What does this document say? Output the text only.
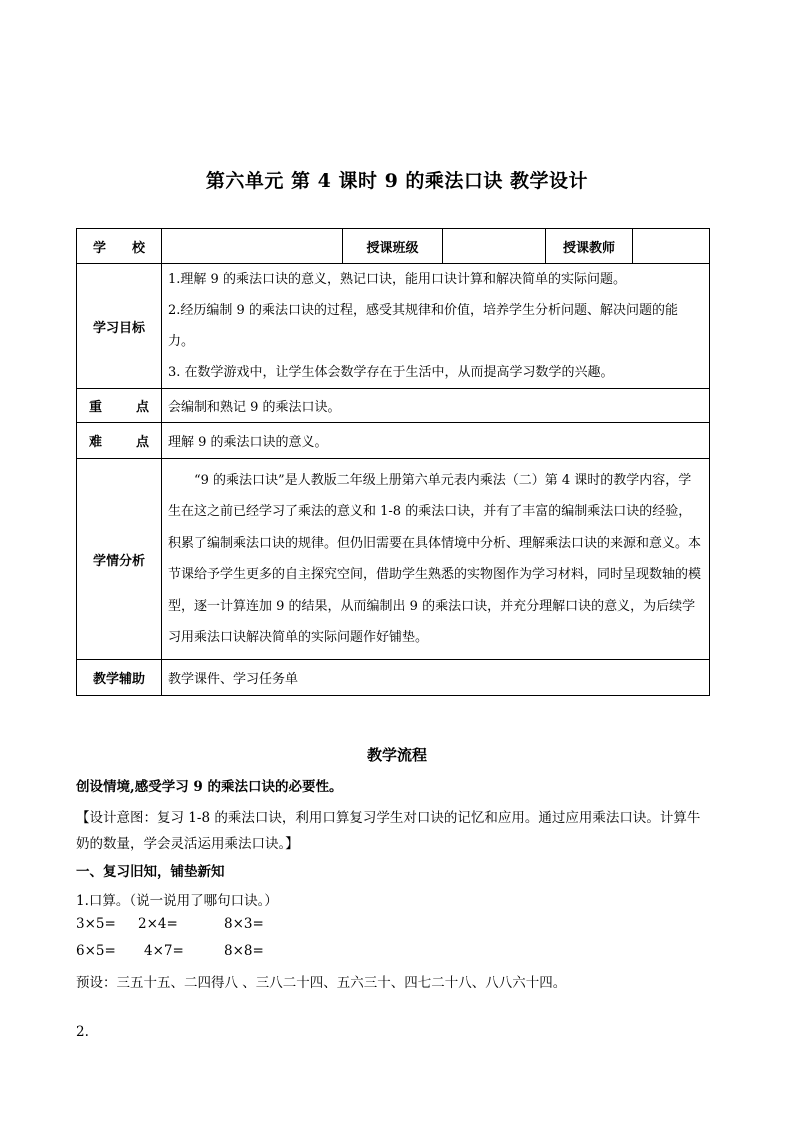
第六单元 第 4 课时 9 的乘法口诀 教学设计
学　　校		授课班级		授课教师	
学习目标	1.理解 9 的乘法口诀的意义，熟记口诀，能用口诀计算和解决简单的实际问题。
2.经历编制 9 的乘法口诀的过程，感受其规律和价值，培养学生分析问题、解决问题的能力。
3. 在数学游戏中，让学生体会数学存在于生活中，从而提高学习数学的兴趣。				

重 点	会编制和熟记 9 的乘法口诀。				

难 点	理解 9 的乘法口诀的意义。				
学情分析	“9 的乘法口诀”是人教版二年级上册第六单元表内乘法（二）第 4 课时的教学内容，学生在这之前已经学习了乘法的意义和 1-8 的乘法口诀，并有了丰富的编制乘法口诀的经验，积累了编制乘法口诀的规律。但仍旧需要在具体情境中分析、理解乘法口诀的来源和意义。本节课给予学生更多的自主探究空间，借助学生熟悉的实物图作为学习材料，同时呈现数轴的模型，逐一计算连加 9 的结果，从而编制出 9 的乘法口诀，并充分理解口诀的意义，为后续学习用乘法口诀解决简单的实际问题作好铺垫。				
教学辅助	教学课件、学习任务单				
教学流程
创设情境,感受学习 9 的乘法口诀的必要性。
【设计意图：复习 1-8 的乘法口诀，利用口算复习学生对口诀的记忆和应用。通过应用乘法口诀。计算牛
奶的数量，学会灵活运用乘法口诀。】
一、复习旧知，铺垫新知
1.口算。（说一说用了哪句口诀。）
3×5= 2×4=	8×3=
6×5= 4×7=	8×8=
预设：三五十五、二四得八 、三八二十四、五六三十、四七二十八、八八六十四。
2.
